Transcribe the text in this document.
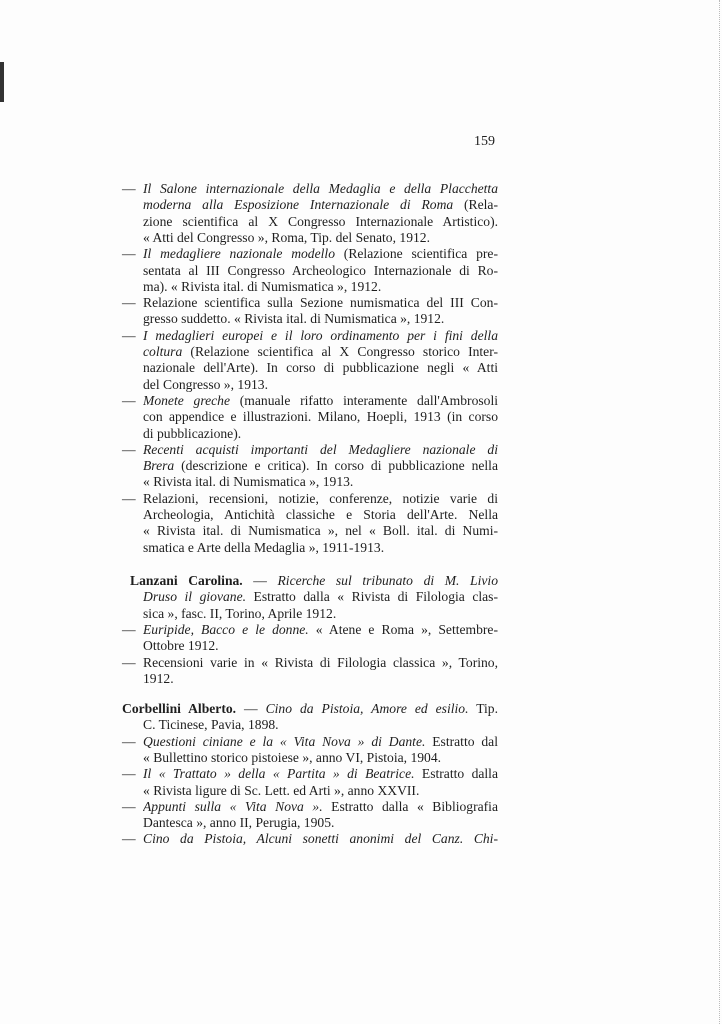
159
— Il Salone internazionale della Medaglia e della Placchetta
moderna alla Esposizione Internazionale di Roma (Rela-
zione scientifica al X Congresso Internazionale Artistico).
« Atti del Congresso », Roma, Tip. del Senato, 1912.
— Il medagliere nazionale modello (Relazione scientifica pre-
sentata al III Congresso Archeologico Internazionale di Ro-
ma). « Rivista ital. di Numismatica », 1912.
— Relazione scientifica sulla Sezione numismatica del III Con-
gresso suddetto. « Rivista ital. di Numismatica », 1912.
— I medaglieri europei e il loro ordinamento per i fini della
coltura (Relazione scientifica al X Congresso storico Inter-
nazionale dell'Arte). In corso di pubblicazione negli « Atti
del Congresso », 1913.
— Monete greche (manuale rifatto interamente dall'Ambrosoli
con appendice e illustrazioni. Milano, Hoepli, 1913 (in corso
di pubblicazione).
— Recenti acquisti importanti del Medagliere nazionale di
Brera (descrizione e critica). In corso di pubblicazione nella
« Rivista ital. di Numismatica », 1913.
— Relazioni, recensioni, notizie, conferenze, notizie varie di
Archeologia, Antichità classiche e Storia dell'Arte. Nella
« Rivista ital. di Numismatica », nel « Boll. ital. di Numi-
smatica e Arte della Medaglia », 1911-1913.
Lanzani Carolina. — Ricerche sul tribunato di M. Livio
Druso il giovane. Estratto dalla « Rivista di Filologia clas-
sica », fasc. II, Torino, Aprile 1912.
— Euripide, Bacco e le donne. « Atene e Roma », Settembre-
Ottobre 1912.
— Recensioni varie in « Rivista di Filologia classica », Torino,
1912.
Corbellini Alberto. — Cino da Pistoia, Amore ed esilio. Tip.
C. Ticinese, Pavia, 1898.
— Questioni ciniane e la « Vita Nova » di Dante. Estratto dal
« Bullettino storico pistoiese », anno VI, Pistoia, 1904.
— Il « Trattato » della « Partita » di Beatrice. Estratto dalla
« Rivista ligure di Sc. Lett. ed Arti », anno XXVII.
— Appunti sulla « Vita Nova ». Estratto dalla « Bibliografia
Dantesca », anno II, Perugia, 1905.
— Cino da Pistoia, Alcuni sonetti anonimi del Canz. Chi-
